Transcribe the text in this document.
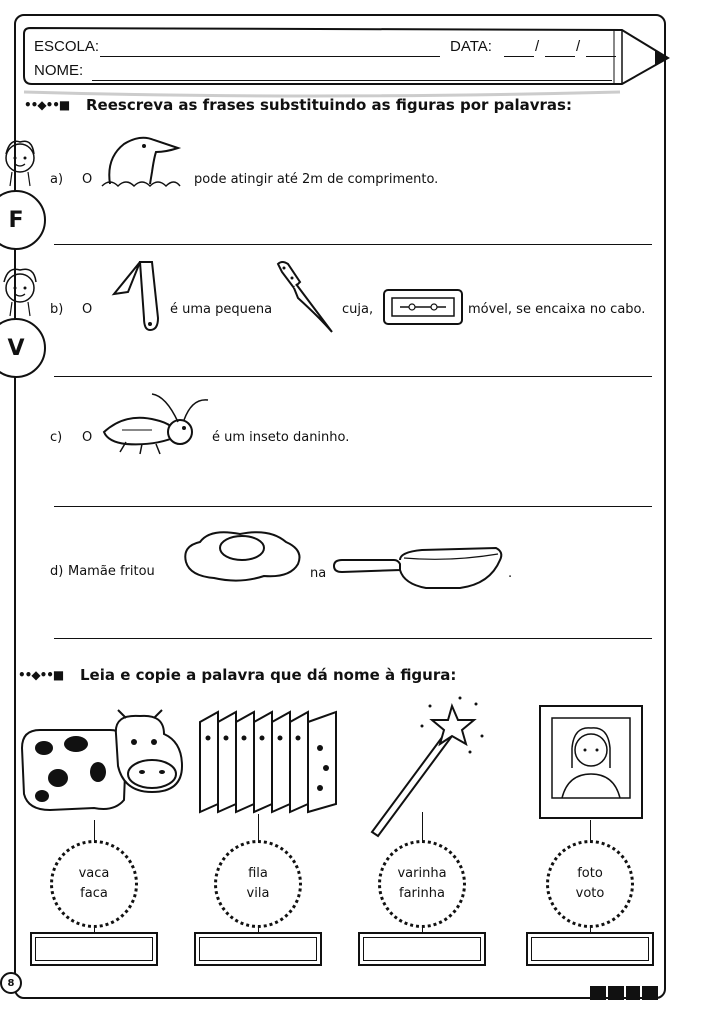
ESCOLA:	DATA:	/ /
NOME:
••◆••■ Reescreva as frases substituindo as figuras por palavras:
F
V
a) O	pode atingir até 2m de comprimento.
b) O	é uma pequena	cuja,	móvel, se encaixa no cabo.
c) O	é um inseto daninho.
d) Mamãe fritou	na	.
••◆••■ Leia e copie a palavra que dá nome à figura:
vaca
faca
fila
vila
varinha
farinha
foto
voto
8
